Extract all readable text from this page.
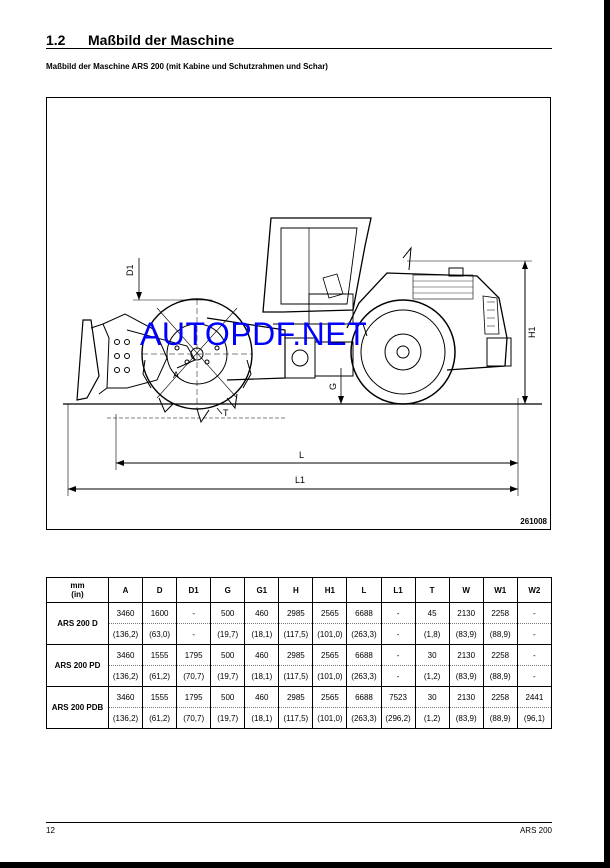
1.2 Maßbild der Maschine
Maßbild der Maschine ARS 200 (mit Kabine und Schutzrahmen und Schar)
D1
H1
G
T
A
L
L1
261008
AUTOPDF.NET
mm
(in)	A	D	D1	G	G1	H	H1	L	L1	T	W	W1	W2
ARS 200 D	3460	1600	-	500	460	2985	2565	6688	-	45	2130	2258	-
	(136,2)	(63,0)	-	(19,7)	(18,1)	(117,5)	(101,0)	(263,3)	-	(1,8)	(83,9)	(88,9)	-
ARS 200 PD	3460	1555	1795	500	460	2985	2565	6688	-	30	2130	2258	-
	(136,2)	(61,2)	(70,7)	(19,7)	(18,1)	(117,5)	(101,0)	(263,3)	-	(1,2)	(83,9)	(88,9)	-
ARS 200 PDB	3460	1555	1795	500	460	2985	2565	6688	7523	30	2130	2258	2441
	(136,2)	(61,2)	(70,7)	(19,7)	(18,1)	(117,5)	(101,0)	(263,3)	(296,2)	(1,2)	(83,9)	(88,9)	(96,1)
12	ARS 200
